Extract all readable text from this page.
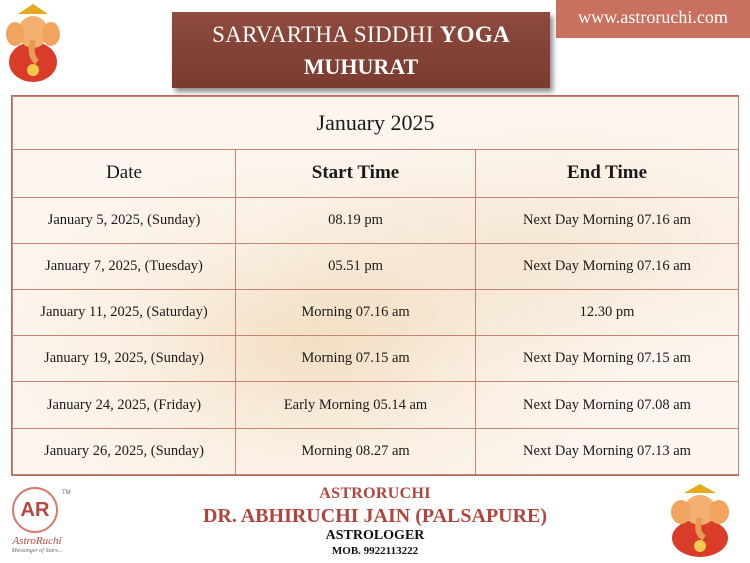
SARVARTHA SIDDHI YOGA
MUHURAT
www.astroruchi.com
January 2025		
Date	Start Time	End Time
January 5, 2025, (Sunday)	08.19 pm	Next Day Morning 07.16 am
January 7, 2025, (Tuesday)	05.51 pm	Next Day Morning 07.16 am
January 11, 2025, (Saturday)	Morning 07.16 am	12.30 pm
January 19, 2025, (Sunday)	Morning 07.15 am	Next Day Morning 07.15 am
January 24, 2025, (Friday)	Early Morning 05.14 am	Next Day Morning 07.08 am
January 26, 2025, (Sunday)	Morning 08.27 am	Next Day Morning 07.13 am
AR
AstroRuchi
Messenger of Stars...
TM	ASTRORUCHI
DR. ABHIRUCHI JAIN (PALSAPURE)
ASTROLOGER
MOB. 9922113222
